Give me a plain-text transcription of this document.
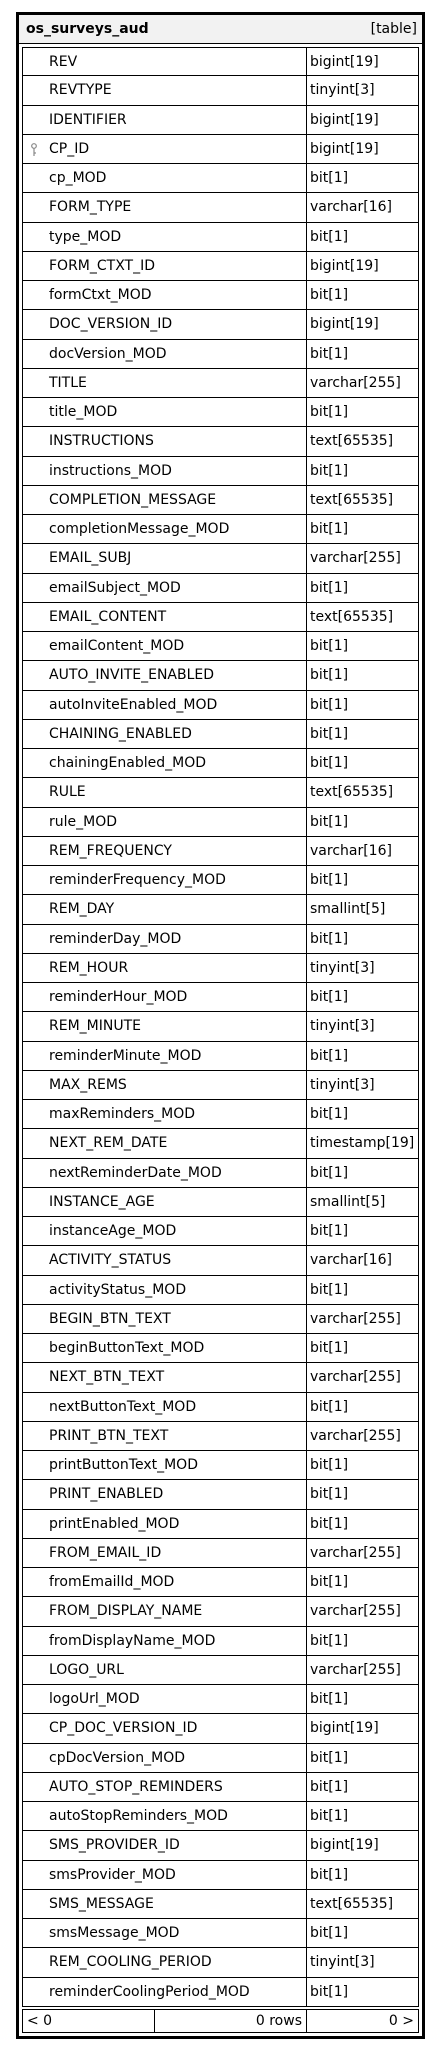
os_surveys_aud	[table]
REV	bigint[19]
REVTYPE	tinyint[3]
IDENTIFIER	bigint[19]
CP_ID	bigint[19]
cp_MOD	bit[1]
FORM_TYPE	varchar[16]
type_MOD	bit[1]
FORM_CTXT_ID	bigint[19]
formCtxt_MOD	bit[1]
DOC_VERSION_ID	bigint[19]
docVersion_MOD	bit[1]
TITLE	varchar[255]
title_MOD	bit[1]
INSTRUCTIONS	text[65535]
instructions_MOD	bit[1]
COMPLETION_MESSAGE	text[65535]
completionMessage_MOD	bit[1]
EMAIL_SUBJ	varchar[255]
emailSubject_MOD	bit[1]
EMAIL_CONTENT	text[65535]
emailContent_MOD	bit[1]
AUTO_INVITE_ENABLED	bit[1]
autoInviteEnabled_MOD	bit[1]
CHAINING_ENABLED	bit[1]
chainingEnabled_MOD	bit[1]
RULE	text[65535]
rule_MOD	bit[1]
REM_FREQUENCY	varchar[16]
reminderFrequency_MOD	bit[1]
REM_DAY	smallint[5]
reminderDay_MOD	bit[1]
REM_HOUR	tinyint[3]
reminderHour_MOD	bit[1]
REM_MINUTE	tinyint[3]
reminderMinute_MOD	bit[1]
MAX_REMS	tinyint[3]
maxReminders_MOD	bit[1]
NEXT_REM_DATE	timestamp[19]
nextReminderDate_MOD	bit[1]
INSTANCE_AGE	smallint[5]
instanceAge_MOD	bit[1]
ACTIVITY_STATUS	varchar[16]
activityStatus_MOD	bit[1]
BEGIN_BTN_TEXT	varchar[255]
beginButtonText_MOD	bit[1]
NEXT_BTN_TEXT	varchar[255]
nextButtonText_MOD	bit[1]
PRINT_BTN_TEXT	varchar[255]
printButtonText_MOD	bit[1]
PRINT_ENABLED	bit[1]
printEnabled_MOD	bit[1]
FROM_EMAIL_ID	varchar[255]
fromEmailId_MOD	bit[1]
FROM_DISPLAY_NAME	varchar[255]
fromDisplayName_MOD	bit[1]
LOGO_URL	varchar[255]
logoUrl_MOD	bit[1]
CP_DOC_VERSION_ID	bigint[19]
cpDocVersion_MOD	bit[1]
AUTO_STOP_REMINDERS	bit[1]
autoStopReminders_MOD	bit[1]
SMS_PROVIDER_ID	bigint[19]
smsProvider_MOD	bit[1]
SMS_MESSAGE	text[65535]
smsMessage_MOD	bit[1]
REM_COOLING_PERIOD	tinyint[3]
reminderCoolingPeriod_MOD	bit[1]
< 0	0 rows	0 >
